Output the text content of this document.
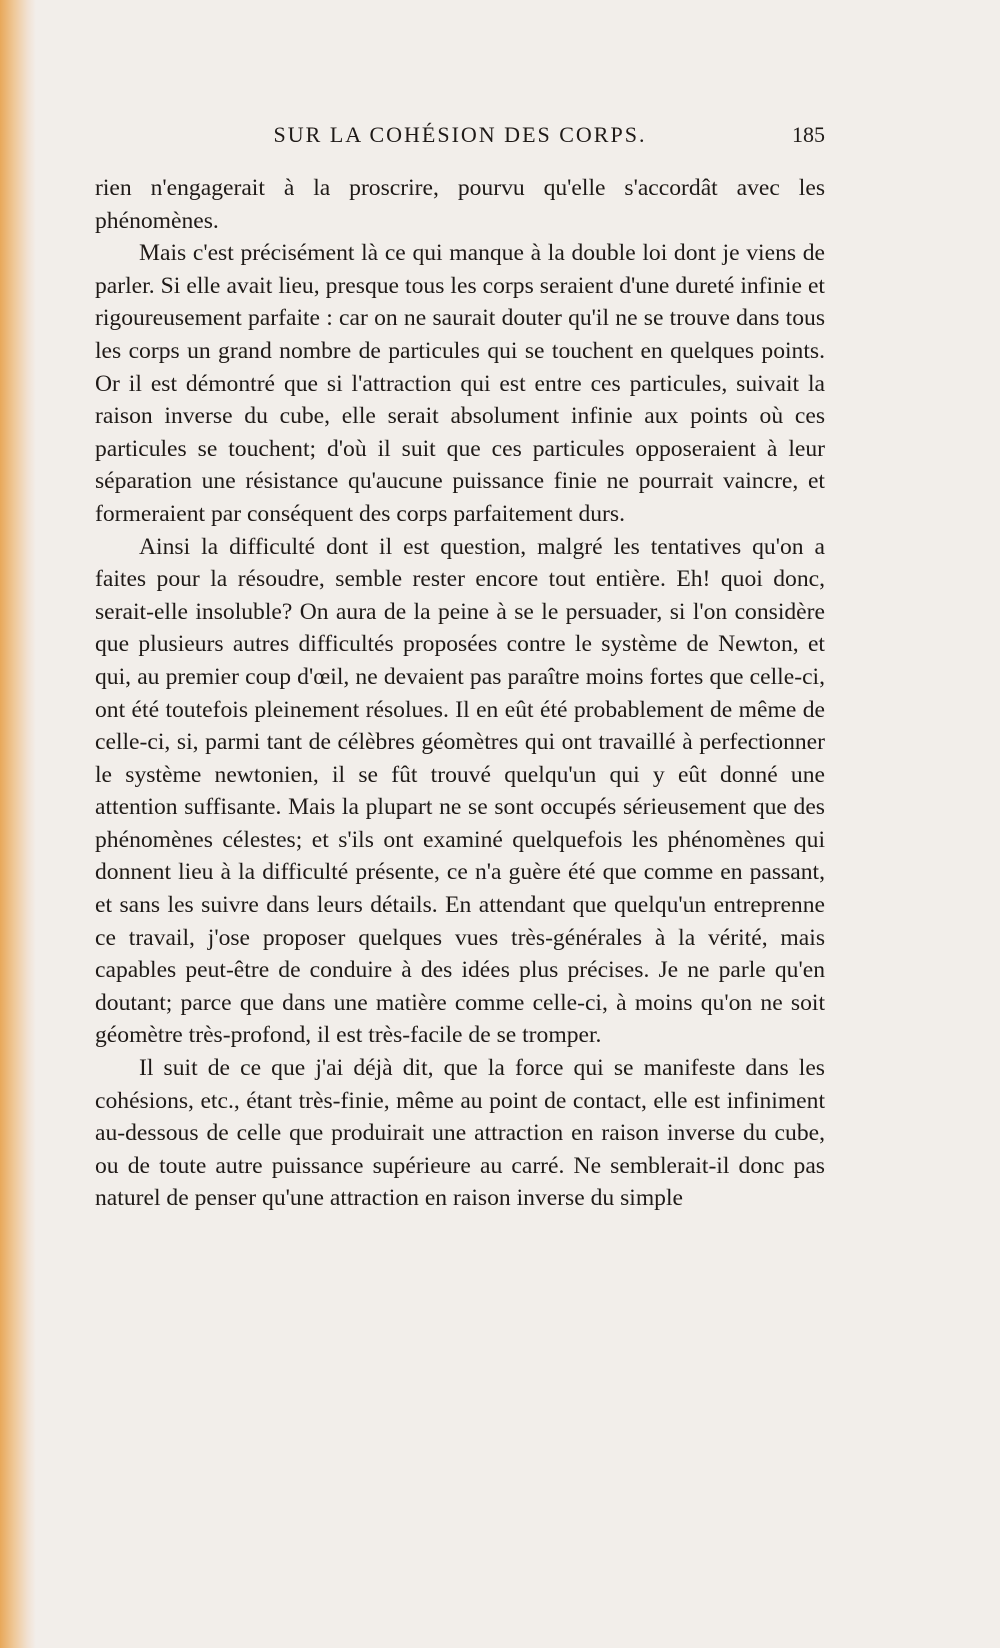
SUR LA COHÉSION DES CORPS.	185

rien n'engagerait à la proscrire, pourvu qu'elle s'accordât avec les phénomènes.

Mais c'est précisément là ce qui manque à la double loi dont je viens de parler. Si elle avait lieu, presque tous les corps seraient d'une dureté infinie et rigoureusement parfaite : car on ne saurait douter qu'il ne se trouve dans tous les corps un grand nombre de particules qui se touchent en quelques points. Or il est démontré que si l'attraction qui est entre ces particules, suivait la raison inverse du cube, elle serait absolument infinie aux points où ces particules se touchent; d'où il suit que ces particules opposeraient à leur séparation une résistance qu'aucune puissance finie ne pourrait vaincre, et formeraient par conséquent des corps parfaitement durs.

Ainsi la difficulté dont il est question, malgré les tentatives qu'on a faites pour la résoudre, semble rester encore tout entière. Eh! quoi donc, serait-elle insoluble? On aura de la peine à se le persuader, si l'on considère que plusieurs autres difficultés proposées contre le système de Newton, et qui, au premier coup d'œil, ne devaient pas paraître moins fortes que celle-ci, ont été toutefois pleinement résolues. Il en eût été probablement de même de celle-ci, si, parmi tant de célèbres géomètres qui ont travaillé à perfectionner le système newtonien, il se fût trouvé quelqu'un qui y eût donné une attention suffisante. Mais la plupart ne se sont occupés sérieusement que des phénomènes célestes; et s'ils ont examiné quelquefois les phénomènes qui donnent lieu à la difficulté présente, ce n'a guère été que comme en passant, et sans les suivre dans leurs détails. En attendant que quelqu'un entreprenne ce travail, j'ose proposer quelques vues très-générales à la vérité, mais capables peut-être de conduire à des idées plus précises. Je ne parle qu'en doutant; parce que dans une matière comme celle-ci, à moins qu'on ne soit géomètre très-profond, il est très-facile de se tromper.

Il suit de ce que j'ai déjà dit, que la force qui se manifeste dans les cohésions, etc., étant très-finie, même au point de contact, elle est infiniment au-dessous de celle que produirait une attraction en raison inverse du cube, ou de toute autre puissance supérieure au carré. Ne semblerait-il donc pas naturel de penser qu'une attraction en raison inverse du simple
